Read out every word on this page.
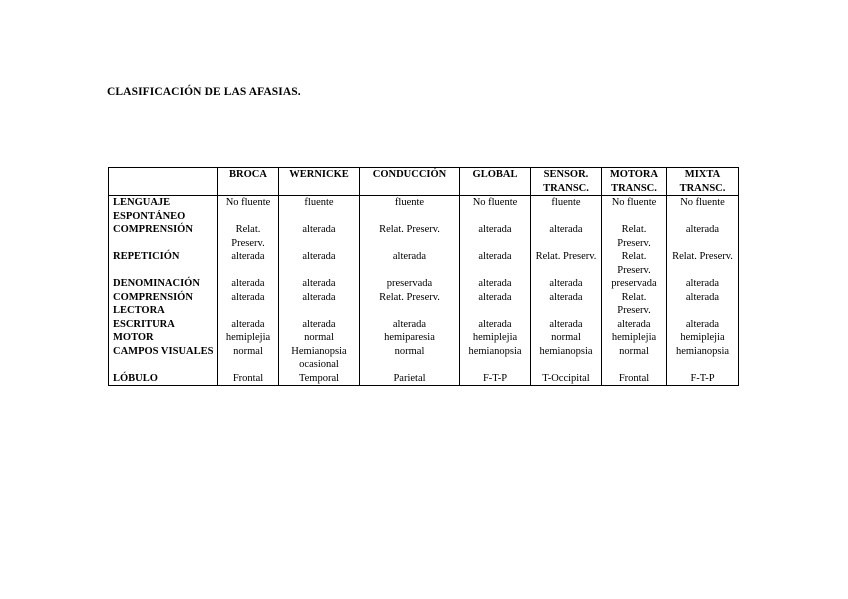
CLASIFICACIÓN DE LAS AFASIAS.
	BROCA	WERNICKE	CONDUCCIÓN	GLOBAL	SENSOR. TRANSC.	MOTORA TRANSC.	MIXTA TRANSC.
LENGUAJE ESPONTÁNEO	No fluente	fluente	fluente	No fluente	fluente	No fluente	No fluente
COMPRENSIÓN	Relat. Preserv.	alterada	Relat. Preserv.	alterada	alterada	Relat. Preserv.	alterada
REPETICIÓN	alterada	alterada	alterada	alterada	Relat. Preserv.	Relat. Preserv.	Relat. Preserv.
DENOMINACIÓN	alterada	alterada	preservada	alterada	alterada	preservada	alterada
COMPRENSIÓN LECTORA	alterada	alterada	Relat. Preserv.	alterada	alterada	Relat. Preserv.	alterada
ESCRITURA	alterada	alterada	alterada	alterada	alterada	alterada	alterada
MOTOR	hemiplejia	normal	hemiparesia	hemiplejia	normal	hemiplejia	hemiplejia
CAMPOS VISUALES	normal	Hemianopsia ocasional	normal	hemianopsia	hemianopsia	normal	hemianopsia
LÓBULO	Frontal	Temporal	Parietal	F-T-P	T-Occipital	Frontal	F-T-P
